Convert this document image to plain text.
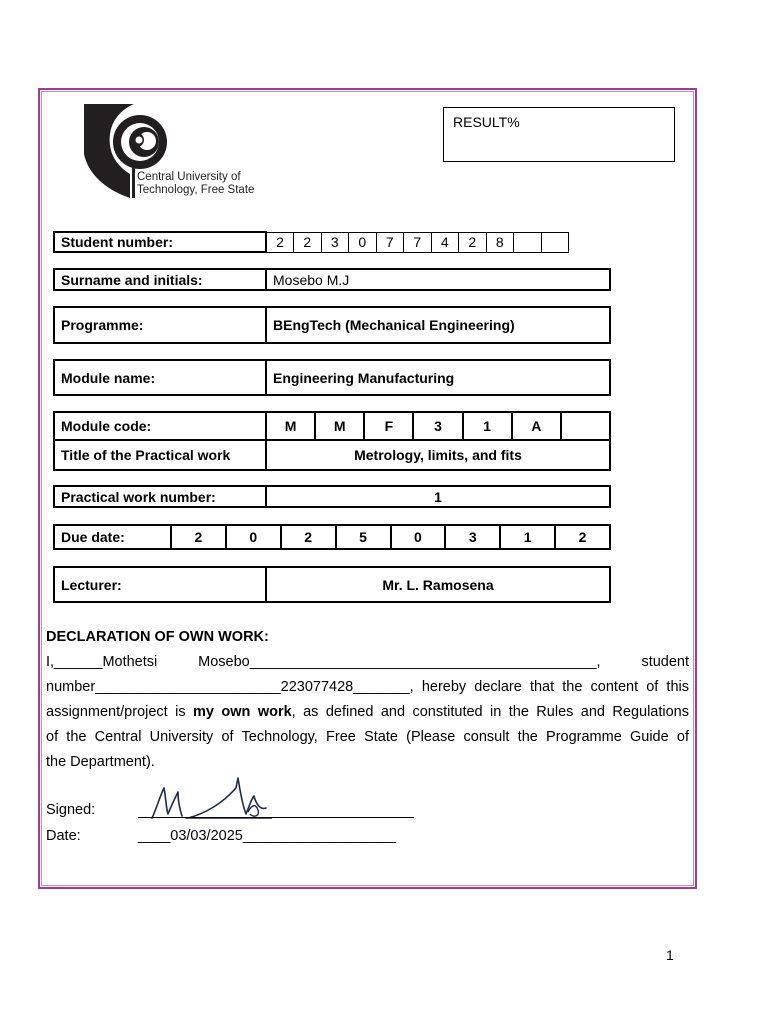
Central University of
Technology, Free State
RESULT%
Student number:	2	2	3	0	7	7	4	2	8		
Surname and initials:	Mosebo M.J
Programme:	BEngTech (Mechanical Engineering)
Module name:	Engineering Manufacturing
Module code:	M	M	F	3	1	A	
Title of the Practical work	Metrology, limits, and fits						
Practical work number:	1
Due date:	2	0	2	5	0	3	1	2
Lecturer:	Mr. L. Ramosena
DECLARATION OF OWN WORK:
I,______Mothetsi	Mosebo___________________________________________,	student
number_______________________223077428_______, hereby declare that the content of this
assignment/project is my own work, as defined and constituted in the Rules and Regulations
of the Central University of Technology, Free State (Please consult the Programme Guide of
the Department).
Signed:
Date:	____03/03/2025___________________
1
